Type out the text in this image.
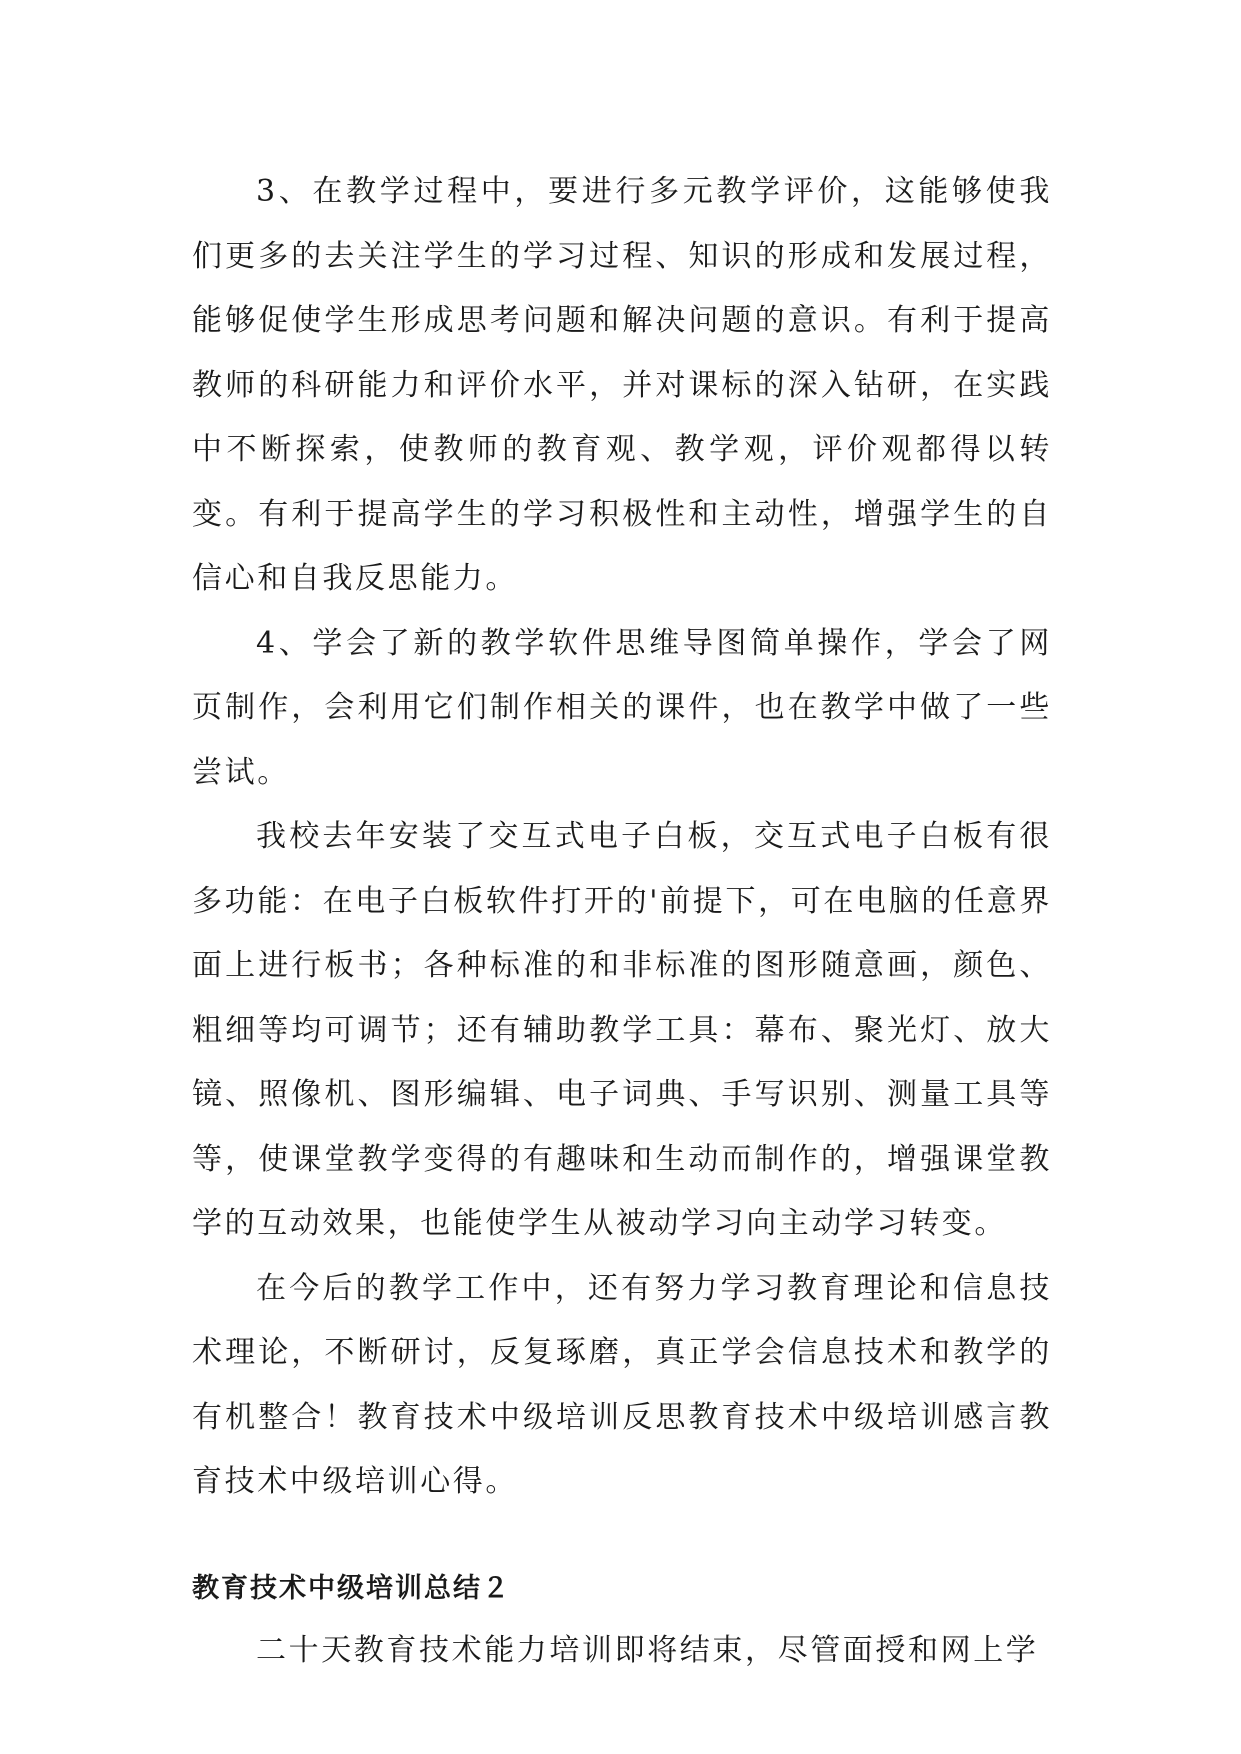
3、在教学过程中，要进行多元教学评价，这能够使我们更多的去关注学生的学习过程、知识的形成和发展过程，能够促使学生形成思考问题和解决问题的意识。有利于提高教师的科研能力和评价水平，并对课标的深入钻研，在实践中不断探索，使教师的教育观、教学观，评价观都得以转变。有利于提高学生的学习积极性和主动性，增强学生的自信心和自我反思能力。

4、学会了新的教学软件思维导图简单操作，学会了网页制作，会利用它们制作相关的课件，也在教学中做了一些尝试。

我校去年安装了交互式电子白板，交互式电子白板有很多功能：在电子白板软件打开的'前提下，可在电脑的任意界面上进行板书；各种标准的和非标准的图形随意画，颜色、粗细等均可调节；还有辅助教学工具：幕布、聚光灯、放大镜、照像机、图形编辑、电子词典、手写识别、测量工具等等，使课堂教学变得的有趣味和生动而制作的，增强课堂教学的互动效果，也能使学生从被动学习向主动学习转变。

在今后的教学工作中，还有努力学习教育理论和信息技术理论，不断研讨，反复琢磨，真正学会信息技术和教学的有机整合！教育技术中级培训反思教育技术中级培训感言教育技术中级培训心得。

教育技术中级培训总结２

二十天教育技术能力培训即将结束，尽管面授和网上学
